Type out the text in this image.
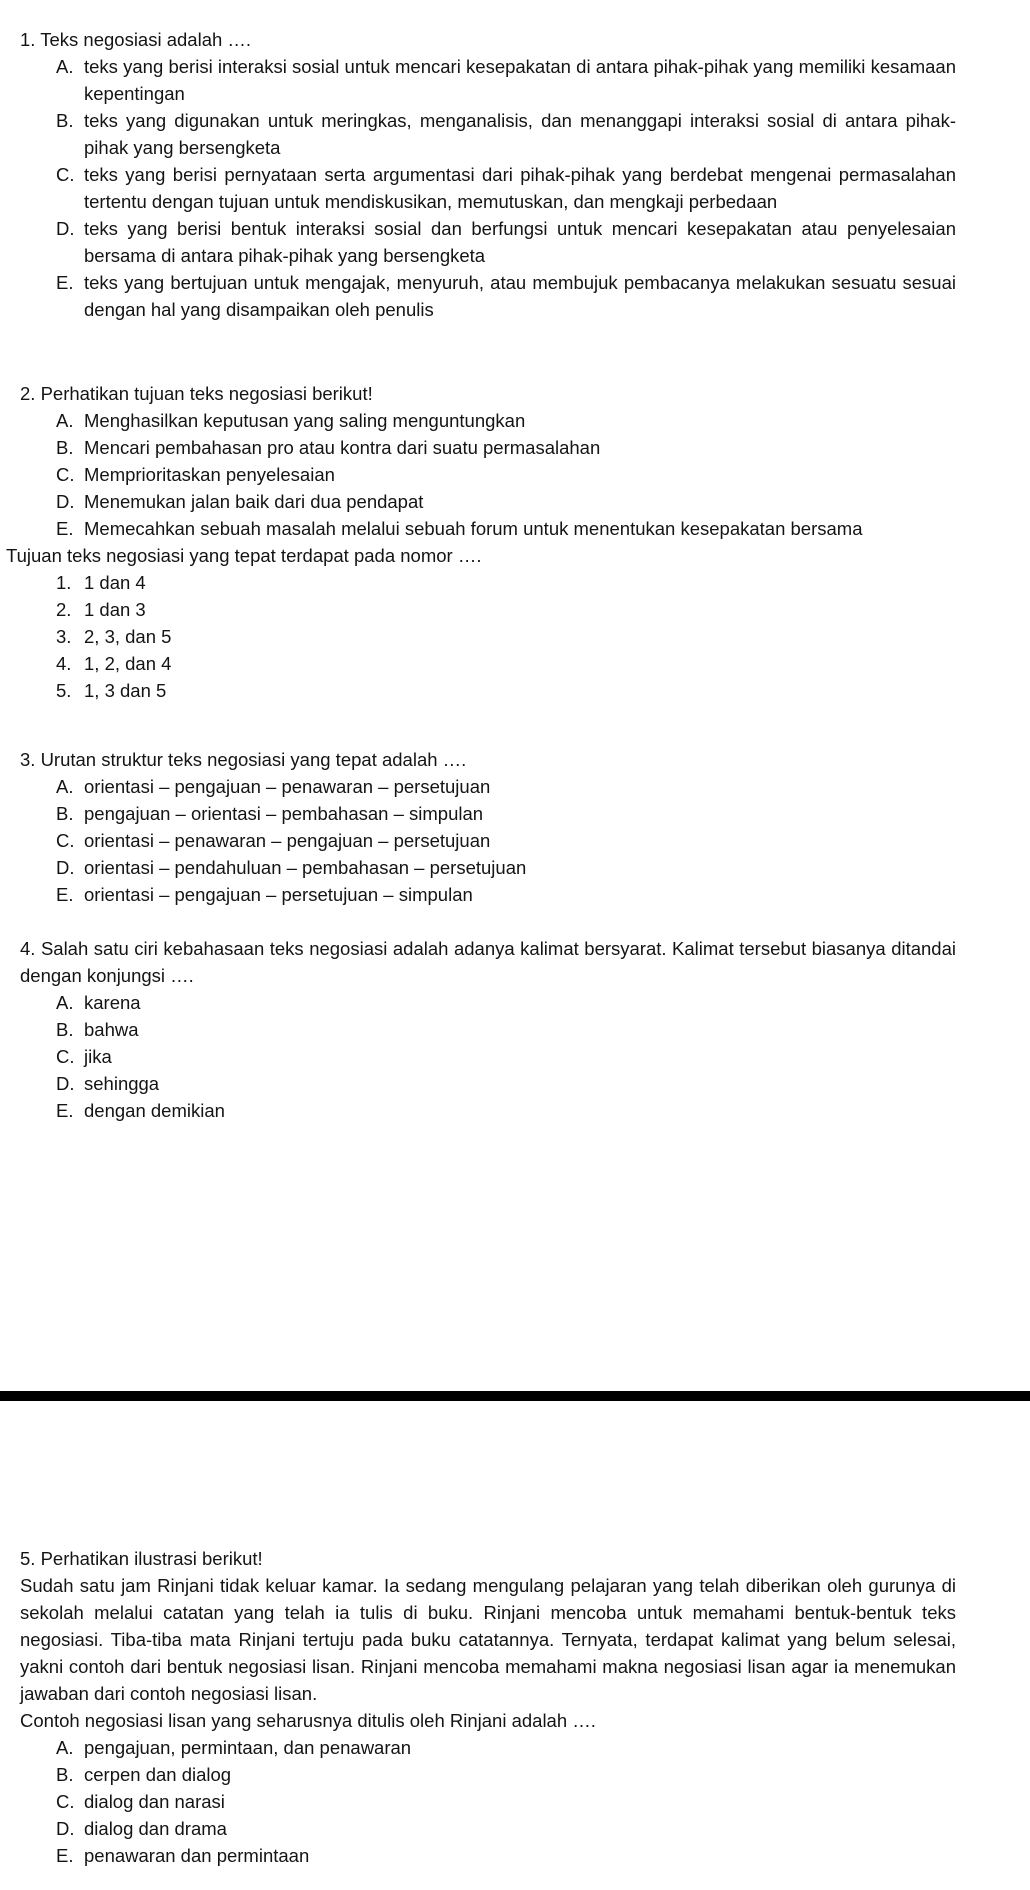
1. Teks negosiasi adalah ….
A. teks yang berisi interaksi sosial untuk mencari kesepakatan di antara pihak-pihak yang memiliki kesamaan kepentingan
B. teks yang digunakan untuk meringkas, menganalisis, dan menanggapi interaksi sosial di antara pihak-pihak yang bersengketa
C. teks yang berisi pernyataan serta argumentasi dari pihak-pihak yang berdebat mengenai permasalahan tertentu dengan tujuan untuk mendiskusikan, memutuskan, dan mengkaji perbedaan
D. teks yang berisi bentuk interaksi sosial dan berfungsi untuk mencari kesepakatan atau penyelesaian bersama di antara pihak-pihak yang bersengketa
E. teks yang bertujuan untuk mengajak, menyuruh, atau membujuk pembacanya melakukan sesuatu sesuai dengan hal yang disampaikan oleh penulis
2. Perhatikan tujuan teks negosiasi berikut!
A. Menghasilkan keputusan yang saling menguntungkan
B. Mencari pembahasan pro atau kontra dari suatu permasalahan
C. Memprioritaskan penyelesaian
D. Menemukan jalan baik dari dua pendapat
E. Memecahkan sebuah masalah melalui sebuah forum untuk menentukan kesepakatan bersama
Tujuan teks negosiasi yang tepat terdapat pada nomor ….
1. 1 dan 4
2. 1 dan 3
3. 2, 3, dan 5
4. 1, 2, dan 4
5. 1, 3 dan 5
3. Urutan struktur teks negosiasi yang tepat adalah ….
A. orientasi – pengajuan – penawaran – persetujuan
B. pengajuan – orientasi – pembahasan – simpulan
C. orientasi – penawaran – pengajuan – persetujuan
D. orientasi – pendahuluan – pembahasan – persetujuan
E. orientasi – pengajuan – persetujuan – simpulan
4. Salah satu ciri kebahasaan teks negosiasi adalah adanya kalimat bersyarat. Kalimat tersebut biasanya ditandai dengan konjungsi ….
A. karena
B. bahwa
C. jika
D. sehingga
E. dengan demikian
5. Perhatikan ilustrasi berikut!
Sudah satu jam Rinjani tidak keluar kamar. Ia sedang mengulang pelajaran yang telah diberikan oleh gurunya di sekolah melalui catatan yang telah ia tulis di buku. Rinjani mencoba untuk memahami bentuk-bentuk teks negosiasi. Tiba-tiba mata Rinjani tertuju pada buku catatannya. Ternyata, terdapat kalimat yang belum selesai, yakni contoh dari bentuk negosiasi lisan. Rinjani mencoba memahami makna negosiasi lisan agar ia menemukan jawaban dari contoh negosiasi lisan.
Contoh negosiasi lisan yang seharusnya ditulis oleh Rinjani adalah ….
A. pengajuan, permintaan, dan penawaran
B. cerpen dan dialog
C. dialog dan narasi
D. dialog dan drama
E. penawaran dan permintaan
